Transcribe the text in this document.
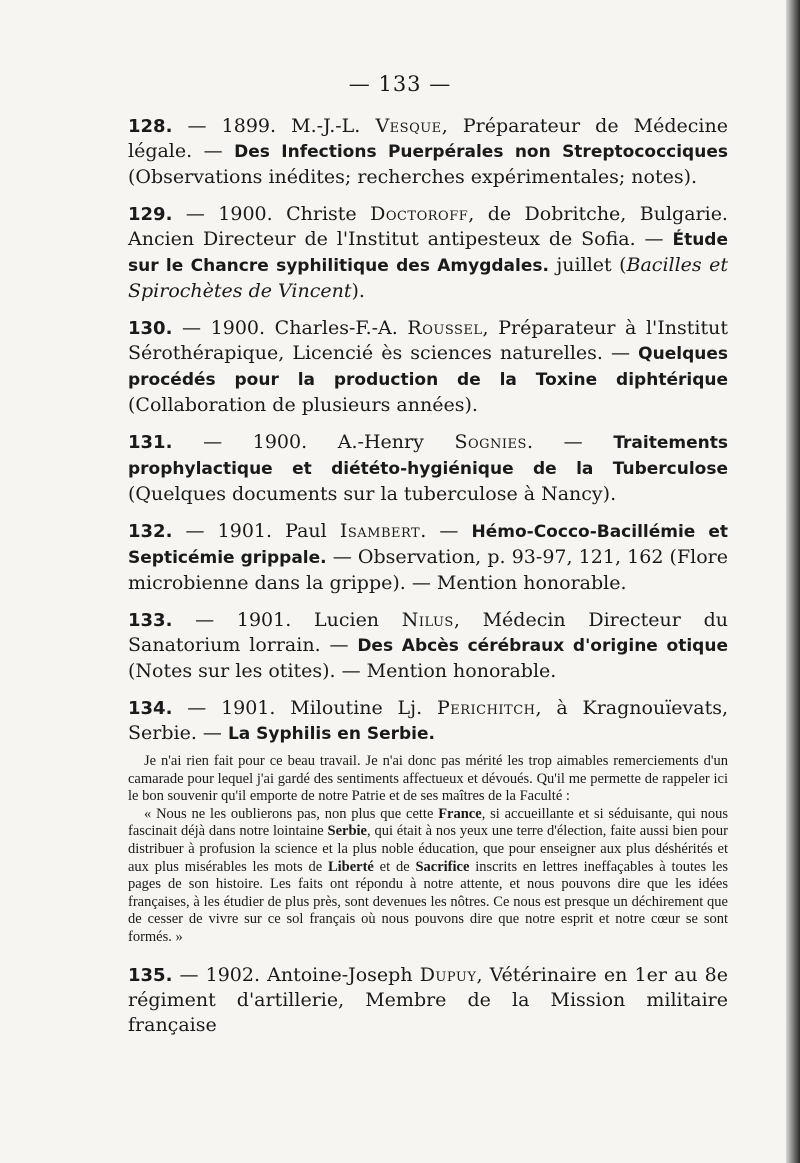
— 133 —
128. — 1899. M.-J.-L. Vesque, Préparateur de Médecine légale. — Des Infections Puerpérales non Streptococciques (Observations inédites; recherches expérimentales; notes).
129. — 1900. Christe Doctoroff, de Dobritche, Bulgarie. Ancien Directeur de l'Institut antipesteux de Sofia. — Étude sur le Chancre syphilitique des Amygdales. juillet (Bacilles et Spirochètes de Vincent).
130. — 1900. Charles-F.-A. Roussel, Préparateur à l'Institut Sérothérapique, Licencié ès sciences naturelles. — Quelques procédés pour la production de la Toxine diphtérique (Collaboration de plusieurs années).
131. — 1900. A.-Henry Sognies. — Traitements prophylactique et diététo-hygiénique de la Tuberculose (Quelques documents sur la tuberculose à Nancy).
132. — 1901. Paul Isambert. — Hémo-Cocco-Bacillémie et Septicémie grippale. — Observation, p. 93-97, 121, 162 (Flore microbienne dans la grippe). — Mention honorable.
133. — 1901. Lucien Nilus, Médecin Directeur du Sanatorium lorrain. — Des Abcès cérébraux d'origine otique (Notes sur les otites). — Mention honorable.
134. — 1901. Miloutine Lj. Perichitch, à Kragnouïevats, Serbie. — La Syphilis en Serbie.

Je n'ai rien fait pour ce beau travail. Je n'ai donc pas mérité les trop aimables remerciements d'un camarade pour lequel j'ai gardé des sentiments affectueux et dévoués. Qu'il me permette de rappeler ici le bon souvenir qu'il emporte de notre Patrie et de ses maîtres de la Faculté :

« Nous ne les oublierons pas, non plus que cette France, si accueillante et si séduisante, qui nous fascinait déjà dans notre lointaine Serbie, qui était à nos yeux une terre d'élection, faite aussi bien pour distribuer à profusion la science et la plus noble éducation, que pour enseigner aux plus déshérités et aux plus misérables les mots de Liberté et de Sacrifice inscrits en lettres ineffaçables à toutes les pages de son histoire. Les faits ont répondu à notre attente, et nous pouvons dire que les idées françaises, à les étudier de plus près, sont devenues les nôtres. Ce nous est presque un déchirement que de cesser de vivre sur ce sol français où nous pouvons dire que notre esprit et notre cœur se sont formés. »

135. — 1902. Antoine-Joseph Dupuy, Vétérinaire en 1er au 8e régiment d'artillerie, Membre de la Mission militaire française
